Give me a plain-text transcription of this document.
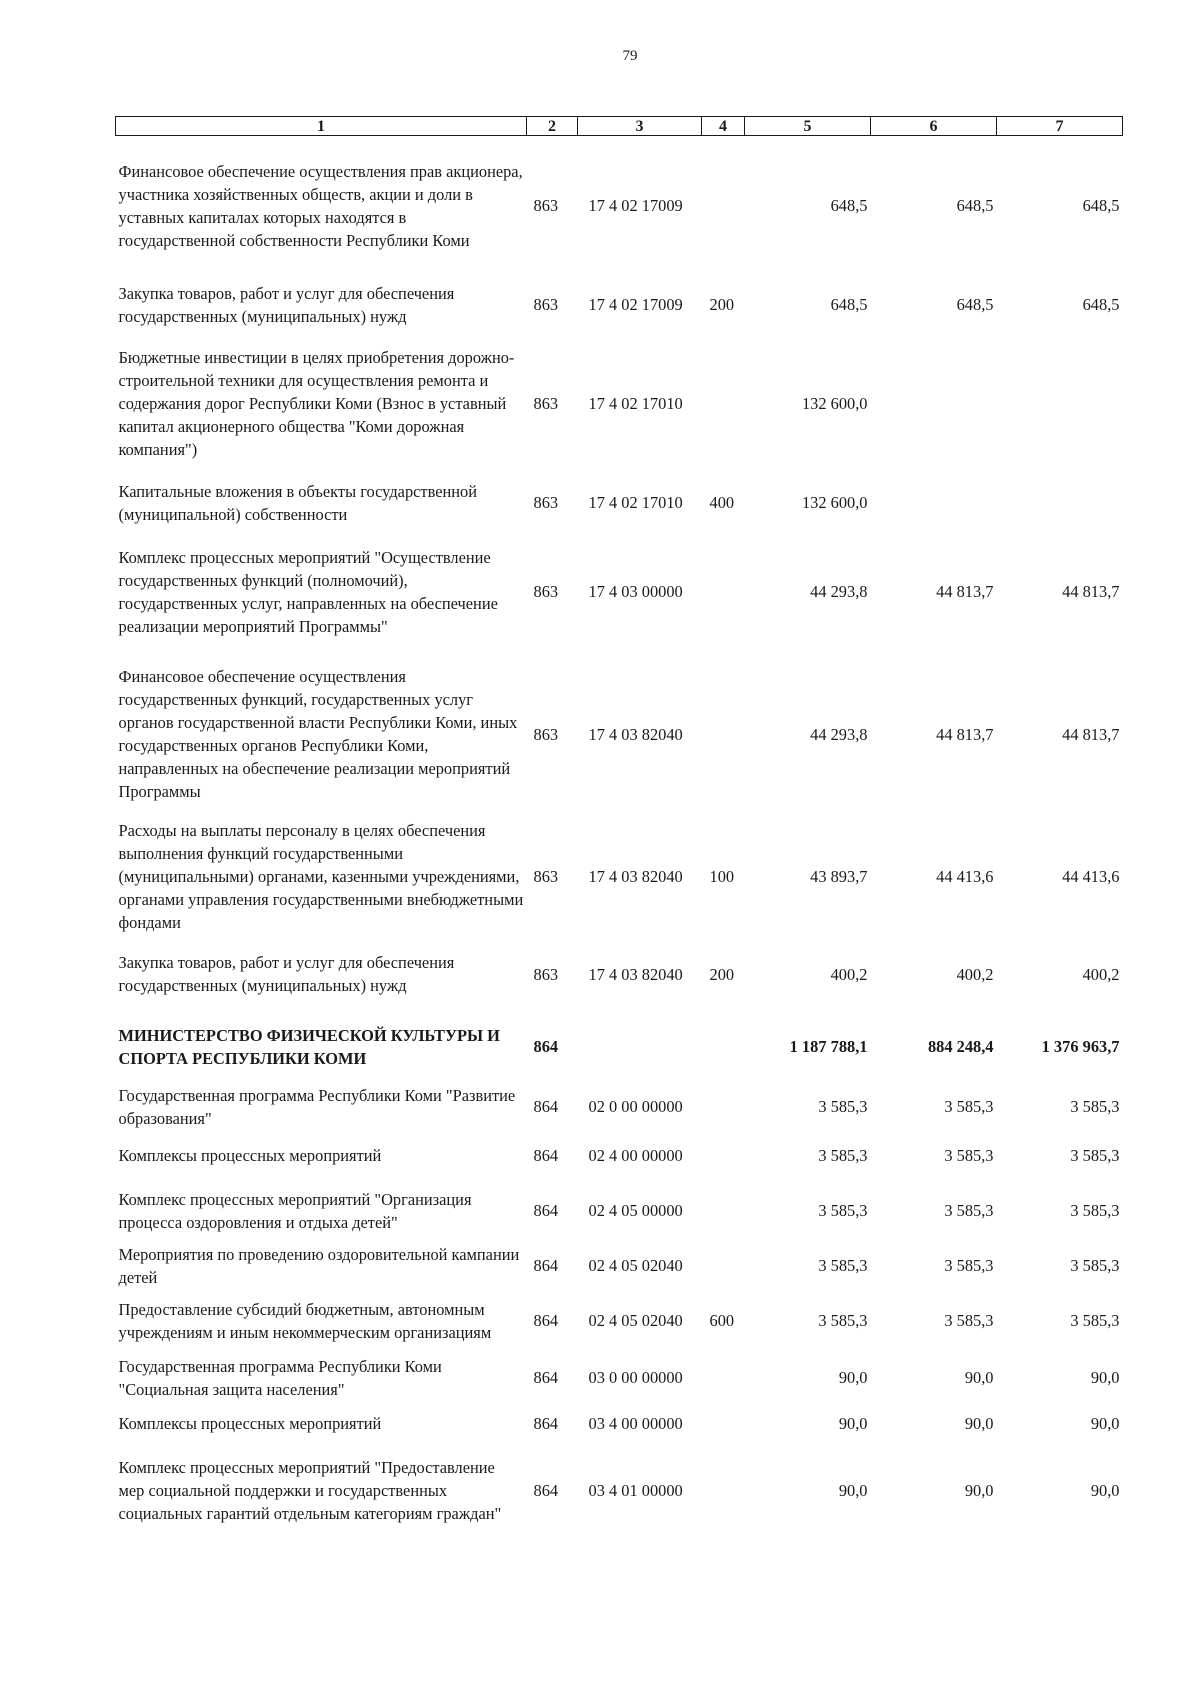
79
1	2	3	4	5	6	7
Финансовое обеспечение осуществления прав акционера, участника хозяйственных обществ, акции и доли в уставных капиталах которых находятся в государственной собственности Республики Коми	863	17 4 02 17009		648,5	648,5	648,5
Закупка товаров, работ и услуг для обеспечения государственных (муниципальных) нужд	863	17 4 02 17009	200	648,5	648,5	648,5
Бюджетные инвестиции в целях приобретения дорожно-строительной техники для осуществления ремонта и содержания дорог Республики Коми (Взнос в уставный капитал акционерного общества "Коми дорожная компания")	863	17 4 02 17010		132 600,0		
Капитальные вложения в объекты государственной (муниципальной) собственности	863	17 4 02 17010	400	132 600,0		
Комплекс процессных мероприятий "Осуществление государственных функций (полномочий), государственных услуг, направленных на обеспечение реализации мероприятий Программы"	863	17 4 03 00000		44 293,8	44 813,7	44 813,7
Финансовое обеспечение осуществления государственных функций, государственных услуг органов государственной власти Республики Коми, иных государственных органов Республики Коми, направленных на обеспечение реализации мероприятий Программы	863	17 4 03 82040		44 293,8	44 813,7	44 813,7
Расходы на выплаты персоналу в целях обеспечения выполнения функций государственными (муниципальными) органами, казенными учреждениями, органами управления государственными внебюджетными фондами	863	17 4 03 82040	100	43 893,7	44 413,6	44 413,6
Закупка товаров, работ и услуг для обеспечения государственных (муниципальных) нужд	863	17 4 03 82040	200	400,2	400,2	400,2
МИНИСТЕРСТВО ФИЗИЧЕСКОЙ КУЛЬТУРЫ И СПОРТА РЕСПУБЛИКИ КОМИ	864			1 187 788,1	884 248,4	1 376 963,7
Государственная программа Республики Коми "Развитие образования"	864	02 0 00 00000		3 585,3	3 585,3	3 585,3
Комплексы процессных мероприятий	864	02 4 00 00000		3 585,3	3 585,3	3 585,3
Комплекс процессных мероприятий "Организация процесса оздоровления и отдыха детей"	864	02 4 05 00000		3 585,3	3 585,3	3 585,3
Мероприятия по проведению оздоровительной кампании детей	864	02 4 05 02040		3 585,3	3 585,3	3 585,3
Предоставление субсидий бюджетным, автономным учреждениям и иным некоммерческим организациям	864	02 4 05 02040	600	3 585,3	3 585,3	3 585,3
Государственная программа Республики Коми "Социальная защита населения"	864	03 0 00 00000		90,0	90,0	90,0
Комплексы процессных мероприятий	864	03 4 00 00000		90,0	90,0	90,0
Комплекс процессных мероприятий "Предоставление мер социальной поддержки и государственных социальных гарантий отдельным категориям граждан"	864	03 4 01 00000		90,0	90,0	90,0
